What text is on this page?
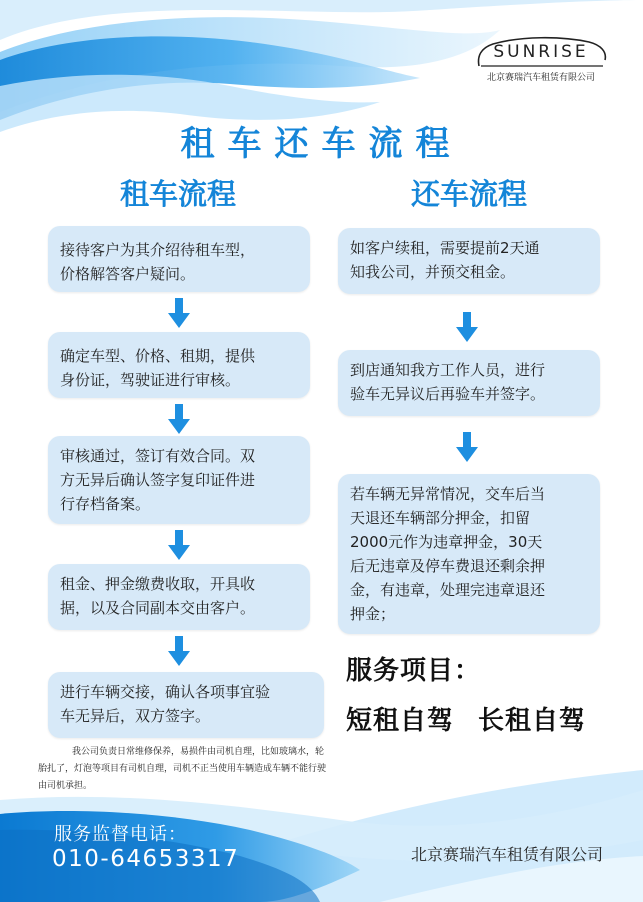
SUNRISE
北京赛瑞汽车租赁有限公司
租车还车流程
租车流程	还车流程
接待客户为其介绍待租车型，
价格解答客户疑问。
确定车型、价格、租期，提供
身份证，驾驶证进行审核。
审核通过，签订有效合同。双
方无异后确认签字复印证件进
行存档备案。
租金、押金缴费收取，开具收
据，以及合同副本交由客户。
进行车辆交接，确认各项事宜验
车无异后，双方签字。
如客户续租，需要提前2天通
知我公司，并预交租金。
到店通知我方工作人员，进行
验车无异议后再验车并签字。
若车辆无异常情况，交车后当
天退还车辆部分押金，扣留
2000元作为违章押金，30天
后无违章及停车费退还剩余押
金，有违章，处理完违章退还
押金；
服务项目：
短租自驾 长租自驾
我公司负责日常维修保养，易损件由司机自理，比如玻璃水，轮胎扎了，灯泡等项目有司机自理，司机不正当使用车辆造成车辆不能行驶由司机承担。
服务监督电话：
010-64653317	北京赛瑞汽车租赁有限公司
